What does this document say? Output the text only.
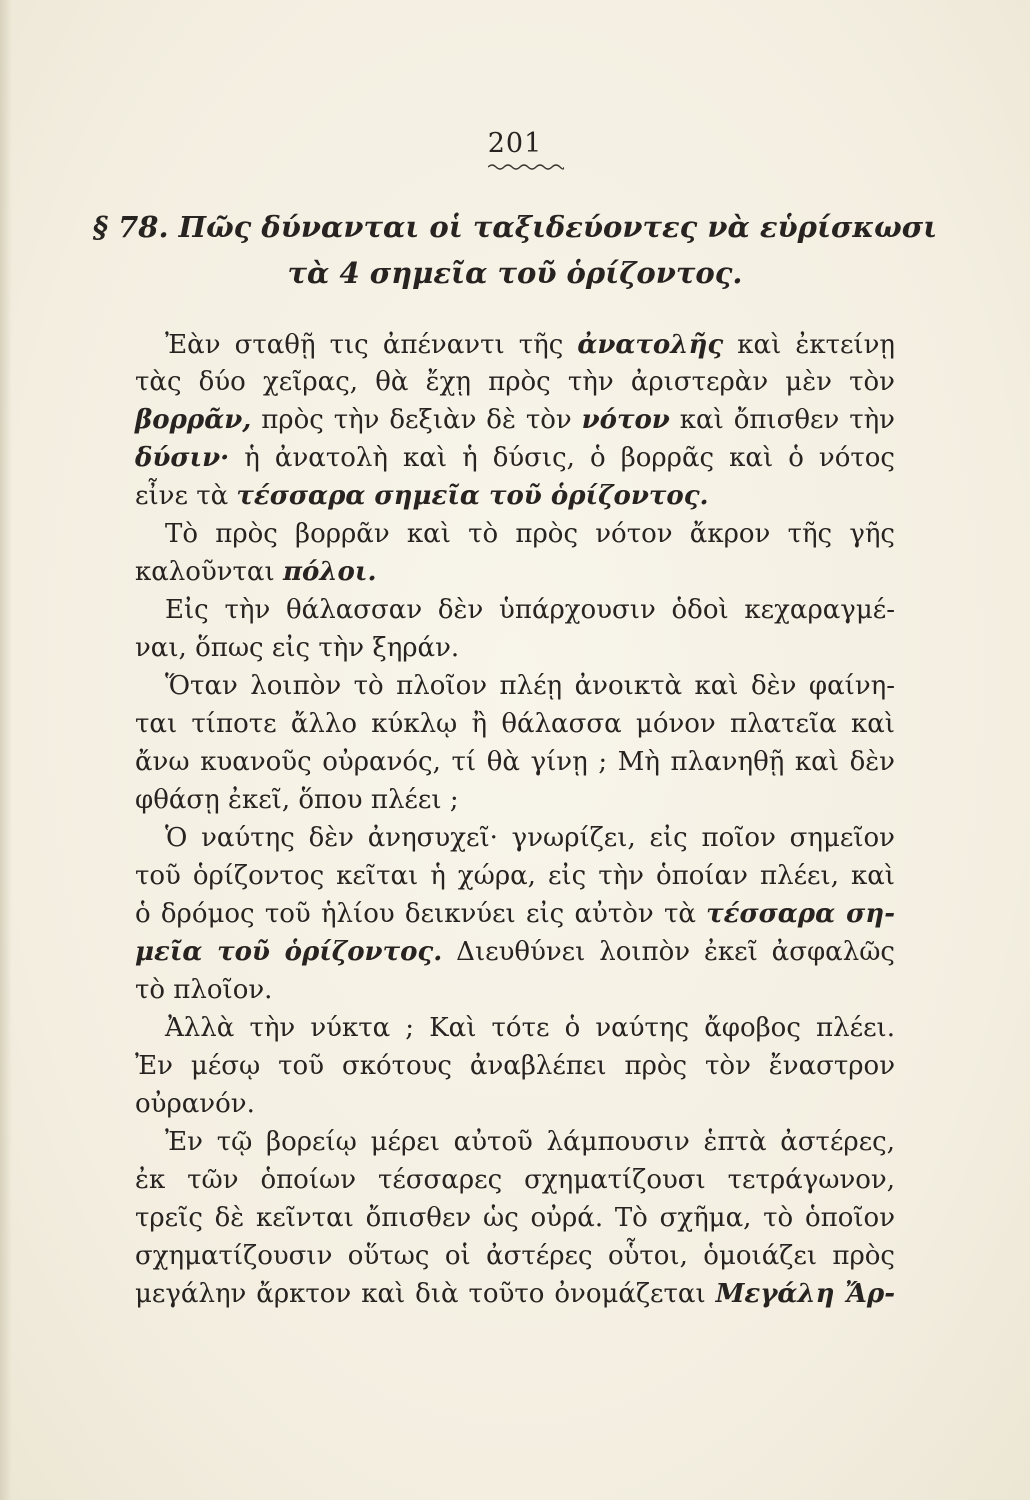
201
§ 78. Πῶς δύνανται οἱ ταξιδεύοντες νὰ εὑρίσκωσι
τὰ 4 σημεῖα τοῦ ὁρίζοντος.
Ἐὰν σταθῇ τις ἀπέναντι τῆς ἀνατολῆς καὶ ἐκτείνῃ
τὰς δύο χεῖρας, θὰ ἔχῃ πρὸς τὴν ἀριστερὰν μὲν τὸν
βορρᾶν, πρὸς τὴν δεξιὰν δὲ τὸν νότον καὶ ὄπισθεν τὴν
δύσιν· ἡ ἀνατολὴ καὶ ἡ δύσις, ὁ βορρᾶς καὶ ὁ νότος
εἶνε τὰ τέσσαρα σημεῖα τοῦ ὁρίζοντος.
Τὸ πρὸς βορρᾶν καὶ τὸ πρὸς νότον ἄκρον τῆς γῆς
καλοῦνται πόλοι.
Εἰς τὴν θάλασσαν δὲν ὑπάρχουσιν ὁδοὶ κεχαραγμέ-
ναι, ὅπως εἰς τὴν ξηράν.
Ὅταν λοιπὸν τὸ πλοῖον πλέῃ ἀνοικτὰ καὶ δὲν φαίνη-
ται τίποτε ἄλλο κύκλῳ ἢ θάλασσα μόνον πλατεῖα καὶ
ἄνω κυανοῦς οὐρανός, τί θὰ γίνῃ ; Μὴ πλανηθῇ καὶ δὲν
φθάσῃ ἐκεῖ, ὅπου πλέει ;
Ὁ ναύτης δὲν ἀνησυχεῖ· γνωρίζει, εἰς ποῖον σημεῖον
τοῦ ὁρίζοντος κεῖται ἡ χώρα, εἰς τὴν ὁποίαν πλέει, καὶ
ὁ δρόμος τοῦ ἡλίου δεικνύει εἰς αὐτὸν τὰ τέσσαρα ση-
μεῖα τοῦ ὁρίζοντος. Διευθύνει λοιπὸν ἐκεῖ ἀσφαλῶς
τὸ πλοῖον.
Ἀλλὰ τὴν νύκτα ; Καὶ τότε ὁ ναύτης ἄφοβος πλέει.
Ἐν μέσῳ τοῦ σκότους ἀναβλέπει πρὸς τὸν ἔναστρον
οὐρανόν.
Ἐν τῷ βορείῳ μέρει αὐτοῦ λάμπουσιν ἑπτὰ ἀστέρες,
ἐκ τῶν ὁποίων τέσσαρες σχηματίζουσι τετράγωνον,
τρεῖς δὲ κεῖνται ὄπισθεν ὡς οὐρά. Τὸ σχῆμα, τὸ ὁποῖον
σχηματίζουσιν οὕτως οἱ ἀστέρες οὗτοι, ὁμοιάζει πρὸς
μεγάλην ἄρκτον καὶ διὰ τοῦτο ὀνομάζεται Μεγάλη Ἄρ-
